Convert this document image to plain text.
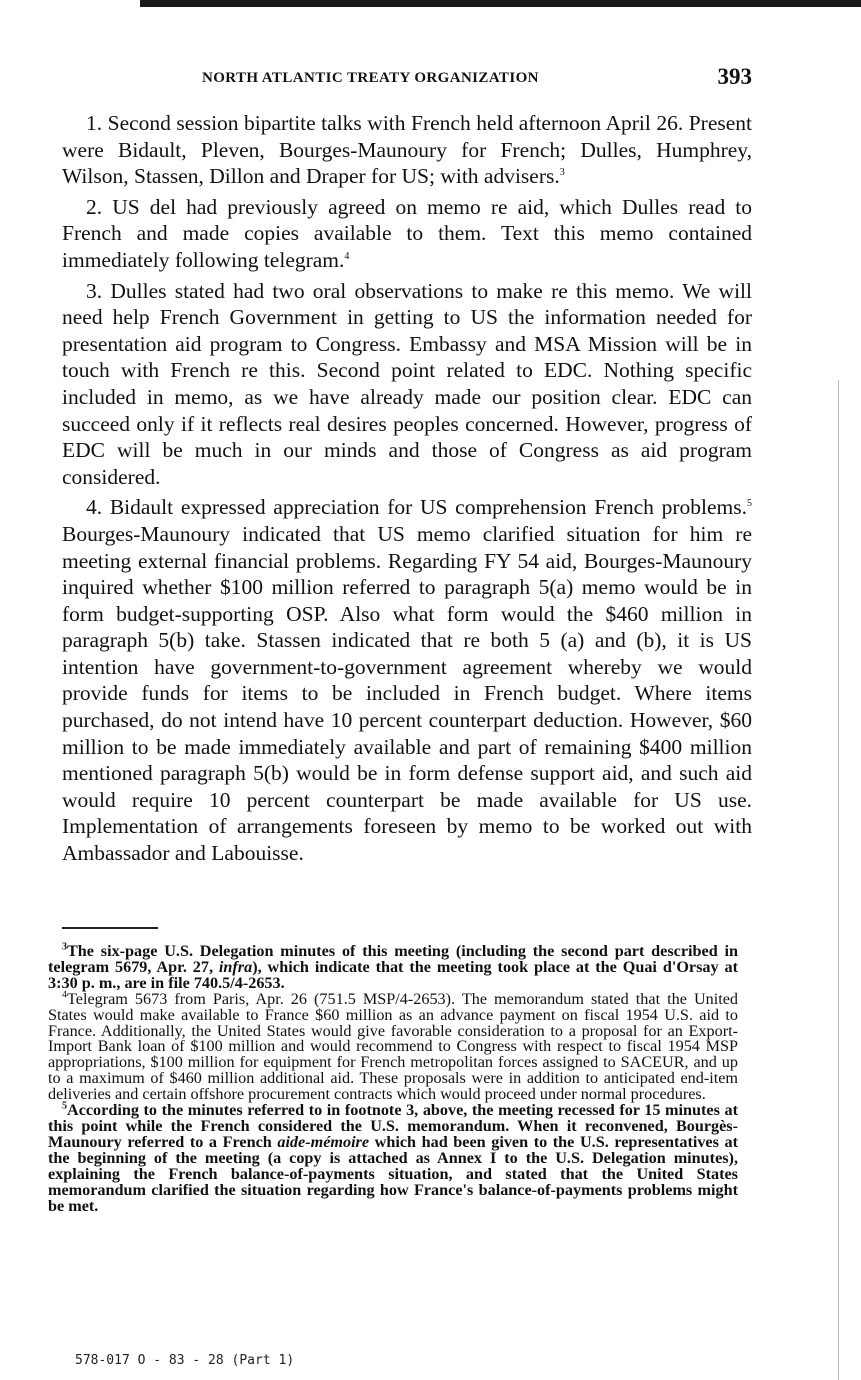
NORTH ATLANTIC TREATY ORGANIZATION	393

1. Second session bipartite talks with French held afternoon April 26. Present were Bidault, Pleven, Bourges-Maunoury for French; Dulles, Humphrey, Wilson, Stassen, Dillon and Draper for US; with advisers.$^3$

2. US del had previously agreed on memo re aid, which Dulles read to French and made copies available to them. Text this memo contained immediately following telegram.$^4$

3. Dulles stated had two oral observations to make re this memo. We will need help French Government in getting to US the information needed for presentation aid program to Congress. Embassy and MSA Mission will be in touch with French re this. Second point related to EDC. Nothing specific included in memo, as we have already made our position clear. EDC can succeed only if it reflects real desires peoples concerned. However, progress of EDC will be much in our minds and those of Congress as aid program considered.

4. Bidault expressed appreciation for US comprehension French problems.$^5$ Bourges-Maunoury indicated that US memo clarified situation for him re meeting external financial problems. Regarding FY 54 aid, Bourges-Maunoury inquired whether $100 million referred to paragraph 5(a) memo would be in form budget-supporting OSP. Also what form would the $460 million in paragraph 5(b) take. Stassen indicated that re both 5 (a) and (b), it is US intention have government-to-government agreement whereby we would provide funds for items to be included in French budget. Where items purchased, do not intend have 10 percent counterpart deduction. However, $60 million to be made immediately available and part of remaining $400 million mentioned paragraph 5(b) would be in form defense support aid, and such aid would require 10 percent counterpart be made available for US use. Implementation of arrangements foreseen by memo to be worked out with Ambassador and Labouisse.

$^3$The six-page U.S. Delegation minutes of this meeting (including the second part described in telegram 5679, Apr. 27, infra), which indicate that the meeting took place at the Quai d'Orsay at 3:30 p. m., are in file 740.5/4-2653.

$^4$Telegram 5673 from Paris, Apr. 26 (751.5 MSP/4-2653). The memorandum stated that the United States would make available to France $60 million as an advance payment on fiscal 1954 U.S. aid to France. Additionally, the United States would give favorable consideration to a proposal for an Export-Import Bank loan of $100 million and would recommend to Congress with respect to fiscal 1954 MSP appropriations, $100 million for equipment for French metropolitan forces assigned to SACEUR, and up to a maximum of $460 million additional aid. These proposals were in addition to anticipated end-item deliveries and certain offshore procurement contracts which would proceed under normal procedures.

$^5$According to the minutes referred to in footnote 3, above, the meeting recessed for 15 minutes at this point while the French considered the U.S. memorandum. When it reconvened, Bourgès-Maunoury referred to a French aide-mémoire which had been given to the U.S. representatives at the beginning of the meeting (a copy is attached as Annex I to the U.S. Delegation minutes), explaining the French balance-of-payments situation, and stated that the United States memorandum clarified the situation regarding how France's balance-of-payments problems might be met.

578-017 O - 83 - 28 (Part 1)
